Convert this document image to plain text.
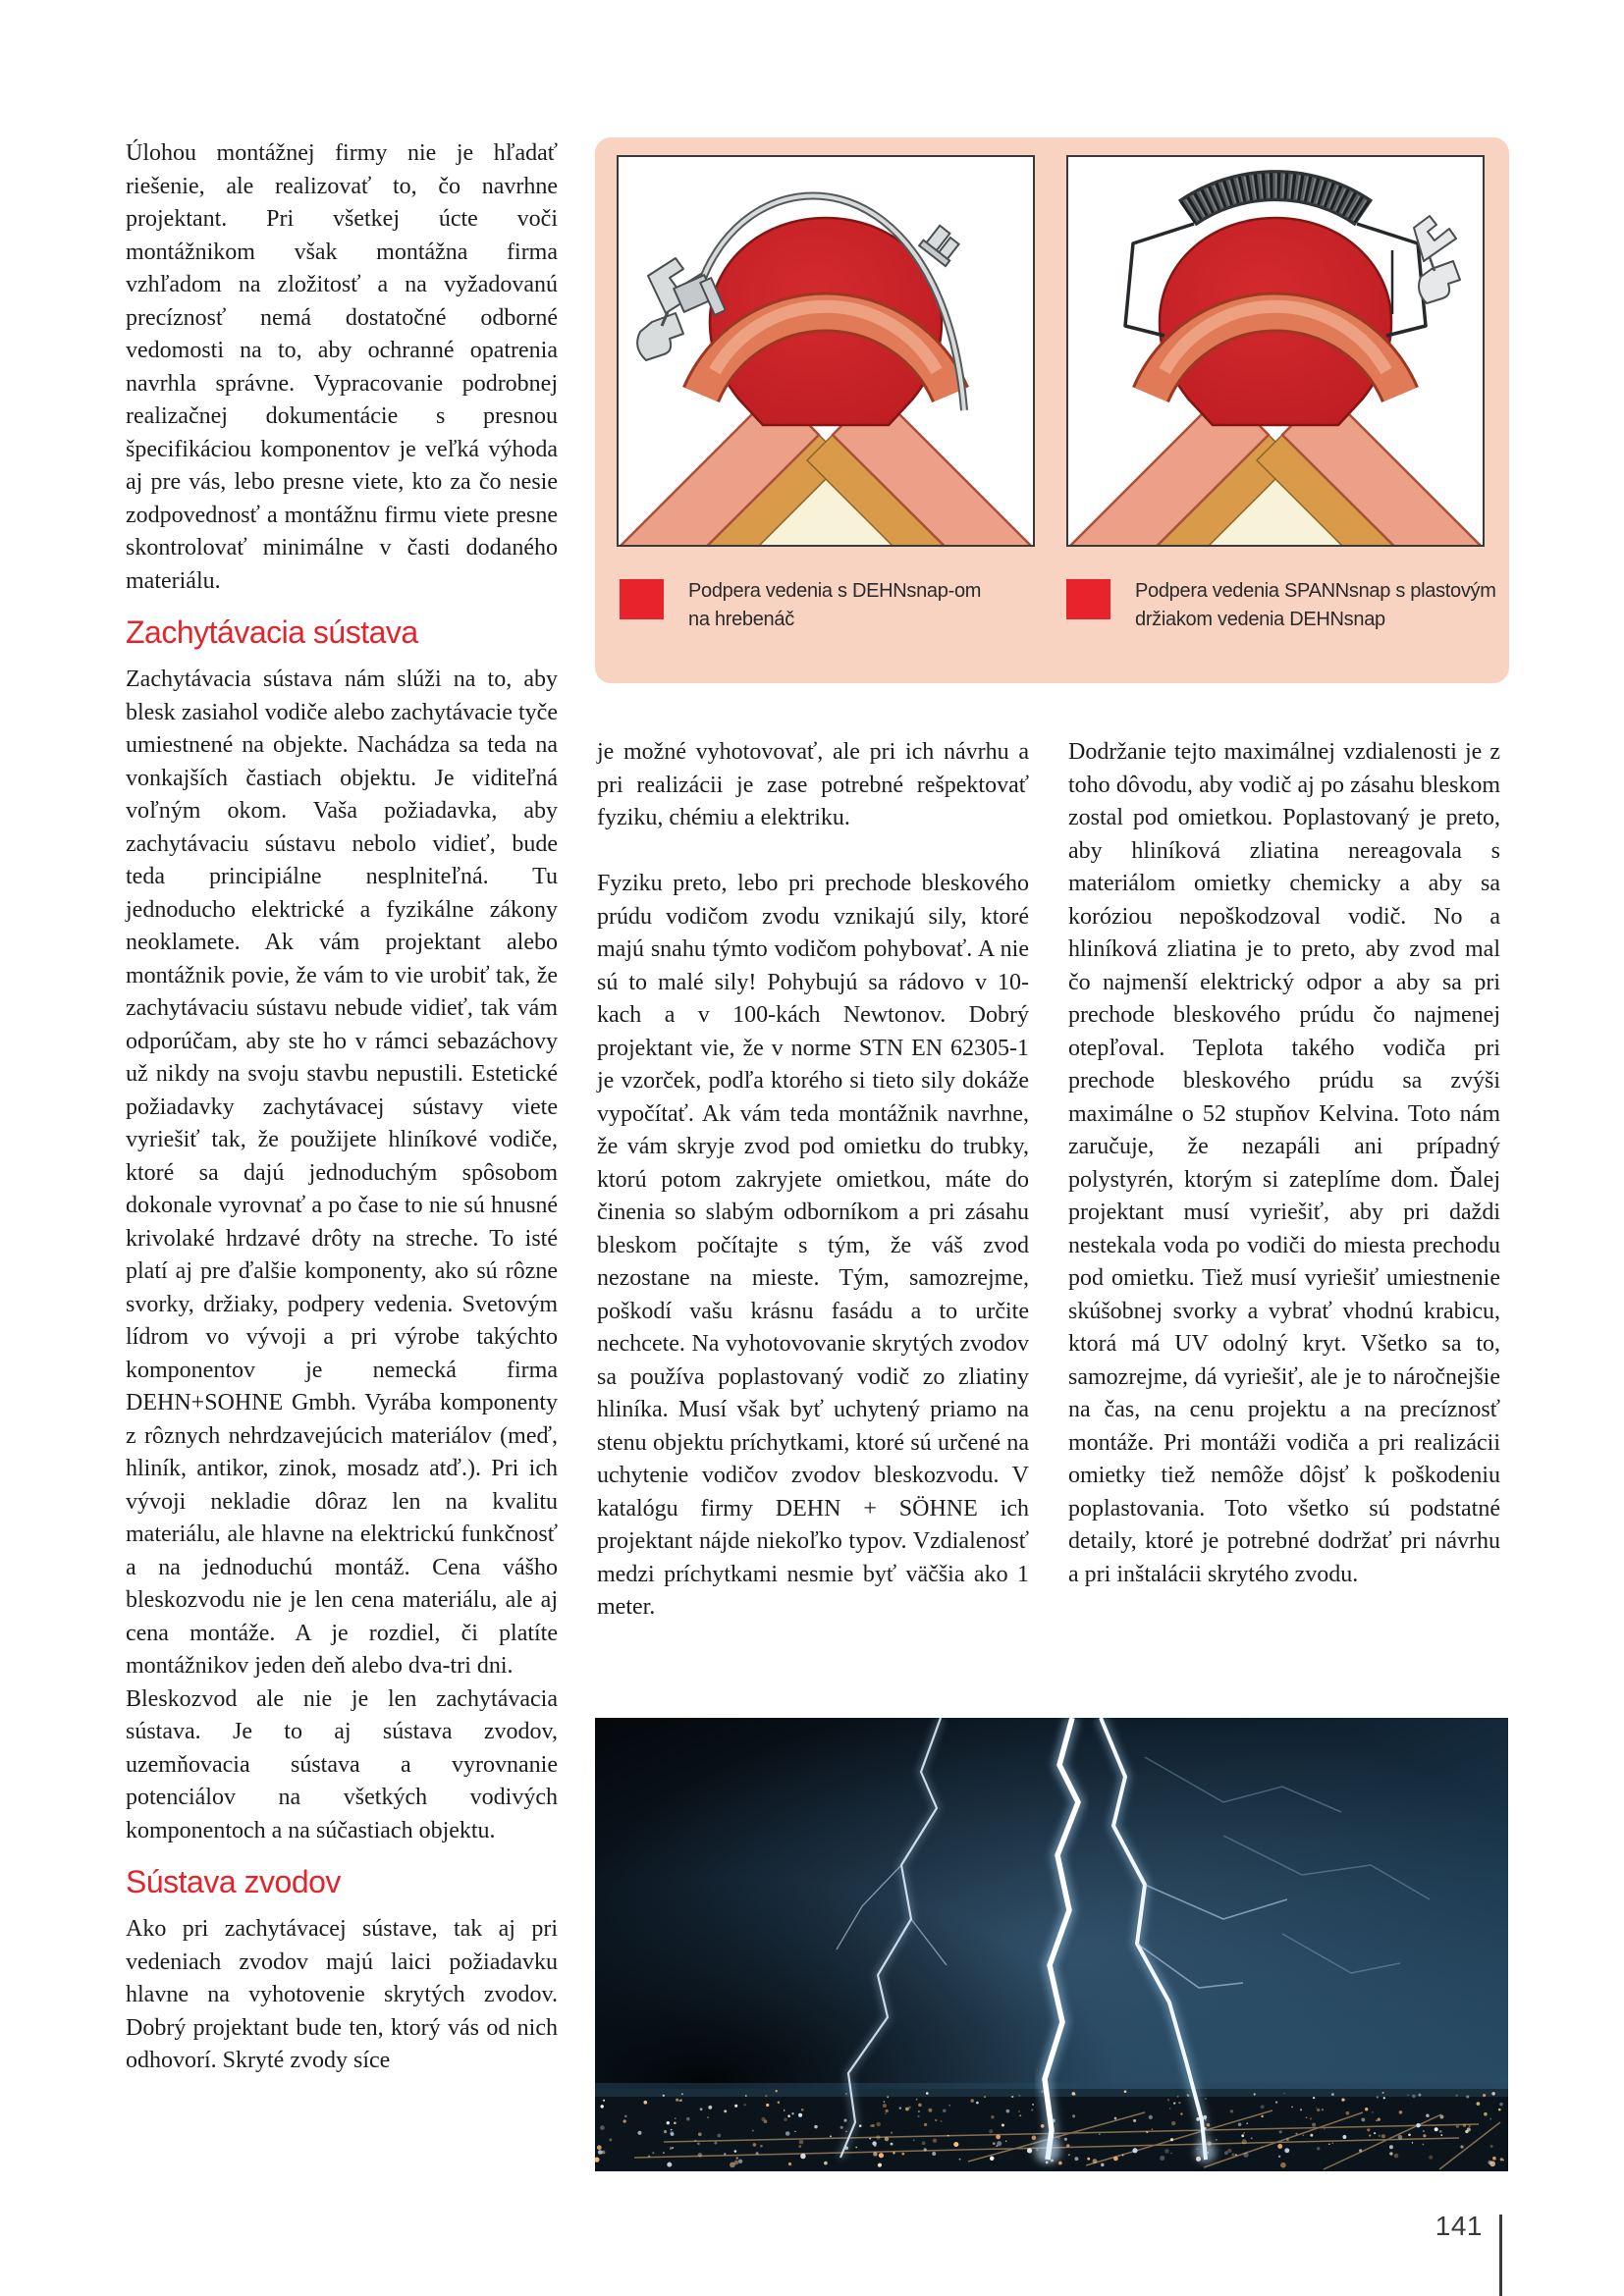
Úlohou montážnej firmy nie je hľadať riešenie, ale realizovať to, čo navrhne projektant. Pri všetkej úcte voči montážnikom však montážna firma vzhľadom na zložitosť a na vyžadovanú precíznosť nemá dostatočné odborné vedomosti na to, aby ochranné opatrenia navrhla správne. Vypracovanie podrobnej realizačnej dokumentácie s presnou špecifikáciou komponentov je veľká výhoda aj pre vás, lebo presne viete, kto za čo nesie zodpovednosť a montážnu firmu viete presne skontrolovať minimálne v časti dodaného materiálu.

Zachytávacia sústava

Zachytávacia sústava nám slúži na to, aby blesk zasiahol vodiče alebo zachytávacie tyče umiestnené na objekte. Nachádza sa teda na vonkajších častiach objektu. Je viditeľná voľným okom. Vaša požiadavka, aby zachytávaciu sústavu nebolo vidieť, bude teda principiálne nesplniteľná. Tu jednoducho elektrické a fyzikálne zákony neoklamete. Ak vám projektant alebo montážnik povie, že vám to vie urobiť tak, že zachytávaciu sústavu nebude vidieť, tak vám odporúčam, aby ste ho v rámci sebazáchovy už nikdy na svoju stavbu nepustili. Estetické požiadavky zachytávacej sústavy viete vyriešiť tak, že použijete hliníkové vodiče, ktoré sa dajú jednoduchým spôsobom dokonale vyrovnať a po čase to nie sú hnusné krivolaké hrdzavé drôty na streche. To isté platí aj pre ďalšie komponenty, ako sú rôzne svorky, držiaky, podpery vedenia. Svetovým lídrom vo vývoji a pri výrobe takýchto komponentov je nemecká firma DEHN+SOHNE Gmbh. Vyrába komponenty z rôznych nehrdzavejúcich materiálov (meď, hliník, antikor, zinok, mosadz atď.). Pri ich vývoji nekladie dôraz len na kvalitu materiálu, ale hlavne na elektrickú funkčnosť a na jednoduchú montáž. Cena vášho bleskozvodu nie je len cena materiálu, ale aj cena montáže. A je rozdiel, či platíte montážnikov jeden deň alebo dva-tri dni.

Bleskozvod ale nie je len zachytávacia sústava. Je to aj sústava zvodov, uzemňovacia sústava a vyrovnanie potenciálov na všetkých vodivých komponentoch a na súčastiach objektu.

Sústava zvodov

Ako pri zachytávacej sústave, tak aj pri vedeniach zvodov majú laici požiadavku hlavne na vyhotovenie skrytých zvodov. Dobrý projektant bude ten, ktorý vás od nich odhovorí. Skryté zvody síce

je možné vyhotovovať, ale pri ich návrhu a pri realizácii je zase potrebné rešpektovať fyziku, chémiu a elektriku.

Fyziku preto, lebo pri prechode bleskového prúdu vodičom zvodu vznikajú sily, ktoré majú snahu týmto vodičom pohybovať. A nie sú to malé sily! Pohybujú sa rádovo v 10-kach a v 100-kách Newtonov. Dobrý projektant vie, že v norme STN EN 62305-1 je vzorček, podľa ktorého si tieto sily dokáže vypočítať. Ak vám teda montážnik navrhne, že vám skryje zvod pod omietku do trubky, ktorú potom zakryjete omietkou, máte do činenia so slabým odborníkom a pri zásahu bleskom počítajte s tým, že váš zvod nezostane na mieste. Tým, samozrejme, poškodí vašu krásnu fasádu a to určite nechcete. Na vyhotovovanie skrytých zvodov sa používa poplastovaný vodič zo zliatiny hliníka. Musí však byť uchytený priamo na stenu objektu príchytkami, ktoré sú určené na uchytenie vodičov zvodov bleskozvodu. V katalógu firmy DEHN + SÖHNE ich projektant nájde niekoľko typov. Vzdialenosť medzi príchytkami nesmie byť väčšia ako 1 meter.

Dodržanie tejto maximálnej vzdialenosti je z toho dôvodu, aby vodič aj po zásahu bleskom zostal pod omietkou. Poplastovaný je preto, aby hliníková zliatina nereagovala s materiálom omietky chemicky a aby sa koróziou nepoškodzoval vodič. No a hliníková zliatina je to preto, aby zvod mal čo najmenší elektrický odpor a aby sa pri prechode bleskového prúdu čo najmenej otepľoval. Teplota takého vodiča pri prechode bleskového prúdu sa zvýši maximálne o 52 stupňov Kelvina. Toto nám zaručuje, že nezapáli ani prípadný polystyrén, ktorým si zateplíme dom. Ďalej projektant musí vyriešiť, aby pri daždi nestekala voda po vodiči do miesta prechodu pod omietku. Tiež musí vyriešiť umiestnenie skúšobnej svorky a vybrať vhodnú krabicu, ktorá má UV odolný kryt. Všetko sa to, samozrejme, dá vyriešiť, ale je to náročnejšie na čas, na cenu projektu a na precíznosť montáže. Pri montáži vodiča a pri realizácii omietky tiež nemôže dôjsť k poškodeniu poplastovania. Toto všetko sú podstatné detaily, ktoré je potrebné dodržať pri návrhu a pri inštalácii skrytého zvodu.

Podpera vedenia s DEHNsnap-om
na hrebenáč
Podpera vedenia SPANNsnap s plastovým
držiakom vedenia DEHNsnap
141
